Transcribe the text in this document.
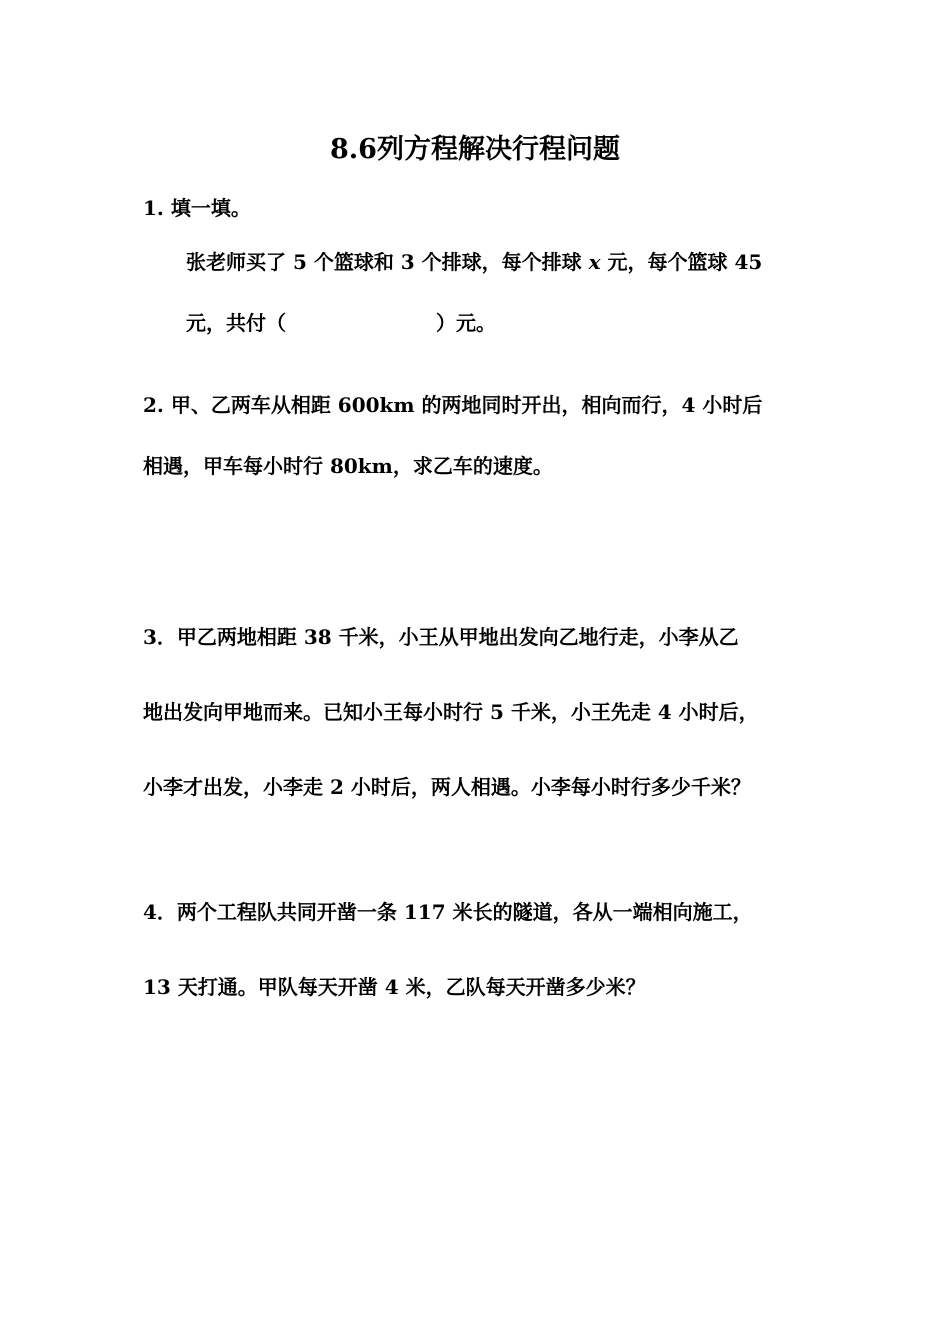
8.6列方程解决行程问题
1. 填一填。
张老师买了 5 个篮球和 3 个排球，每个排球 x 元，每个篮球 45
元，共付（	）元。
2. 甲、乙两车从相距 600km 的两地同时开出，相向而行，4 小时后
相遇，甲车每小时行 80km，求乙车的速度。
3．甲乙两地相距 38 千米，小王从甲地出发向乙地行走，小李从乙
地出发向甲地而来。已知小王每小时行 5 千米，小王先走 4 小时后，
小李才出发，小李走 2 小时后，两人相遇。小李每小时行多少千米？
4．两个工程队共同开凿一条 117 米长的隧道，各从一端相向施工，
13 天打通。甲队每天开凿 4 米，乙队每天开凿多少米？
